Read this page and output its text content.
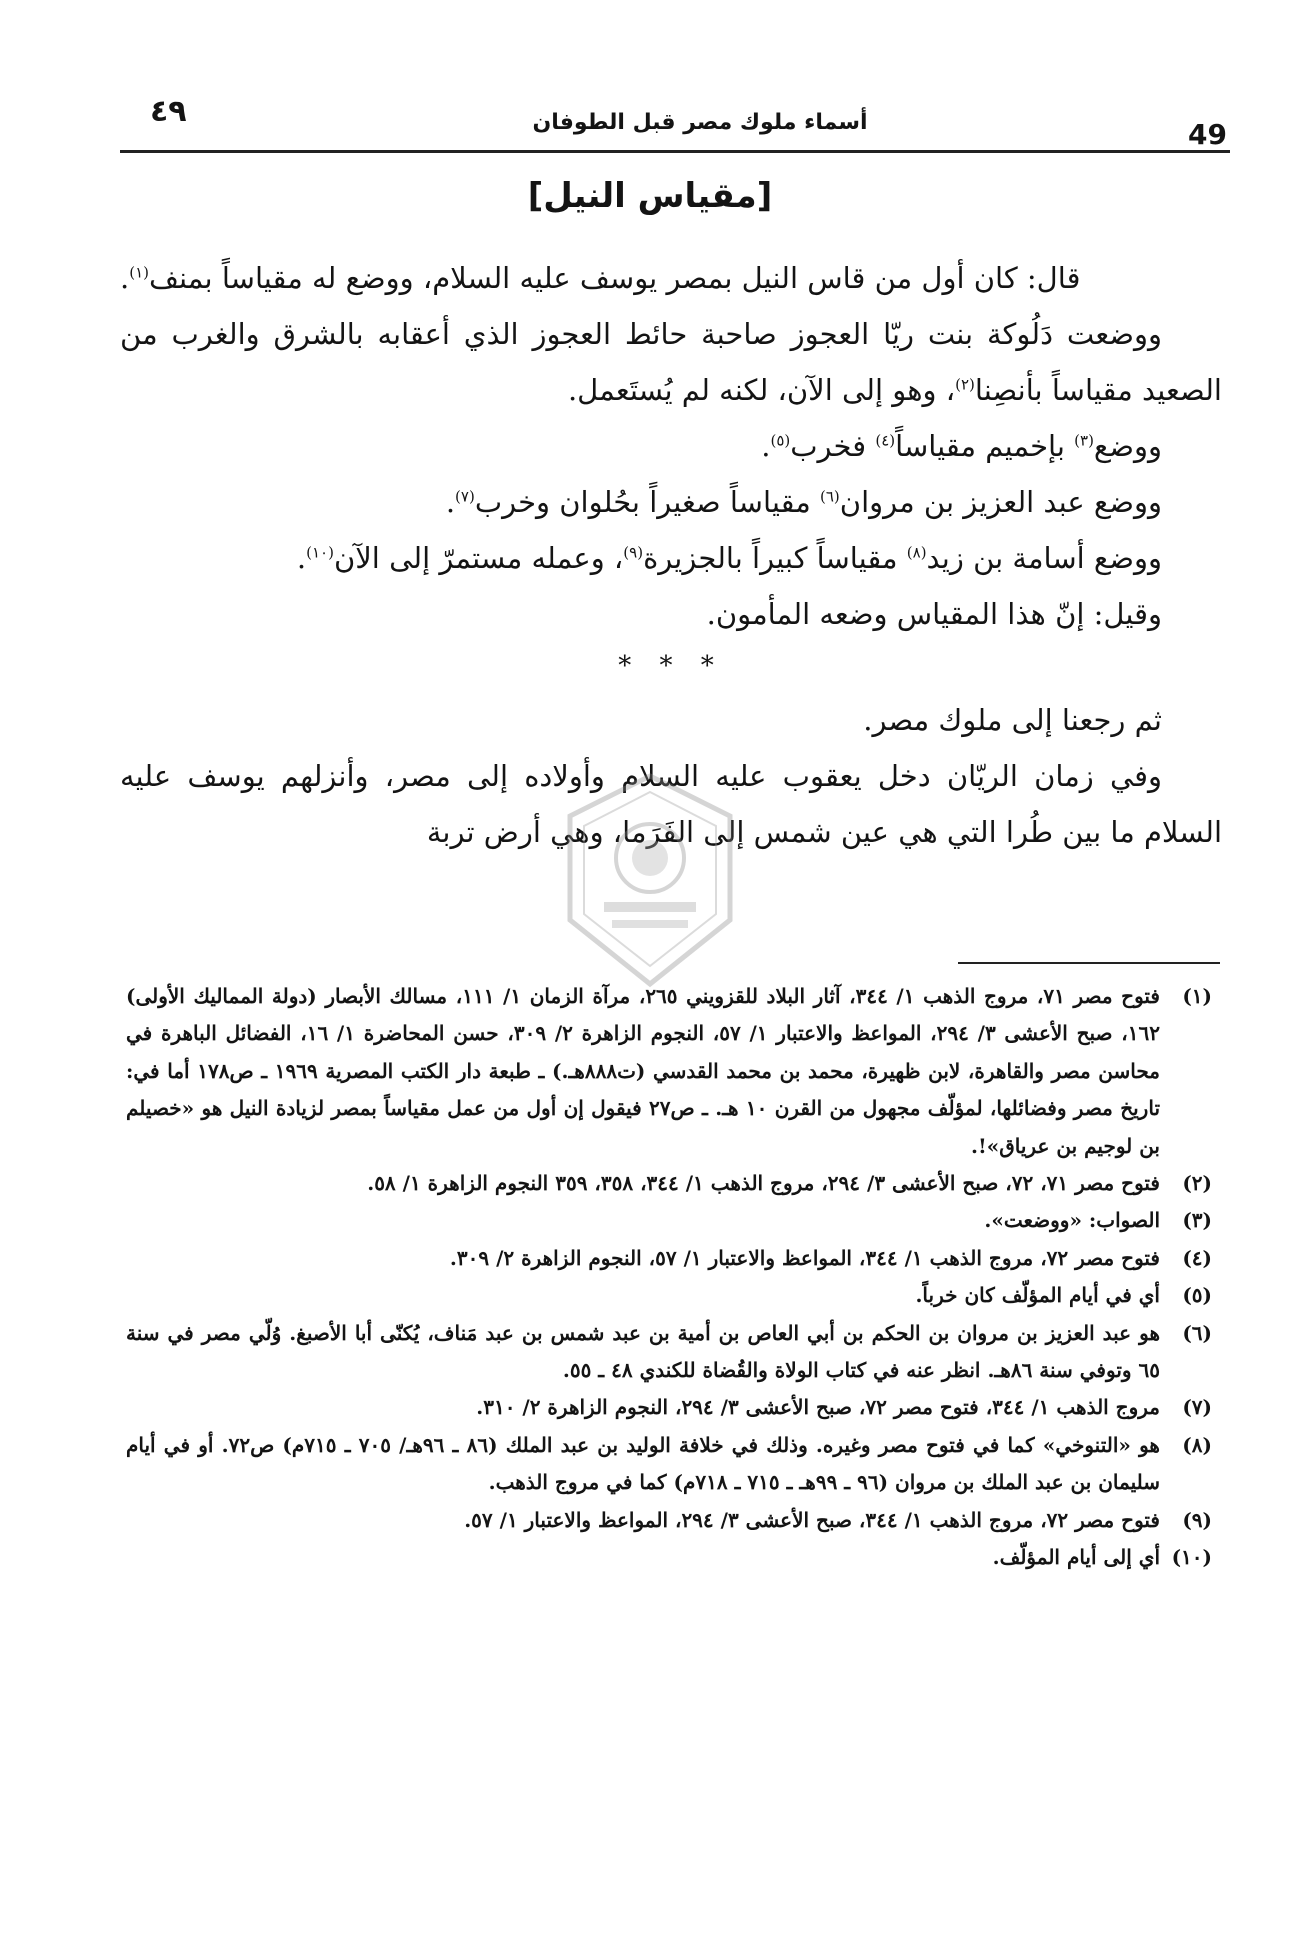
49
أسماء ملوك مصر قبل الطوفان
٤٩
[مقياس النيل]

قال: كان أول من قاس النيل بمصر يوسف عليه السلام، ووضع له مقياساً بمنف$^{(١)}$.

ووضعت دَلُوكة بنت ريّا العجوز صاحبة حائط العجوز الذي أعقابه بالشرق والغرب من الصعيد مقياساً بأنصِنا$^{(٢)}$، وهو إلى الآن، لكنه لم يُستَعمل.

ووضع$^{(٣)}$ بإخميم مقياساً$^{(٤)}$ فخرب$^{(٥)}$.

ووضع عبد العزيز بن مروان$^{(٦)}$ مقياساً صغيراً بحُلوان وخرب$^{(٧)}$.

ووضع أسامة بن زيد$^{(٨)}$ مقياساً كبيراً بالجزيرة$^{(٩)}$، وعمله مستمرّ إلى الآن$^{(١٠)}$.

وقيل: إنّ هذا المقياس وضعه المأمون.

* * *

ثم رجعنا إلى ملوك مصر.

وفي زمان الريّان دخل يعقوب عليه السلام وأولاده إلى مصر، وأنزلهم يوسف عليه السلام ما بين طُرا التي هي عين شمس إلى الفَرَما، وهي أرض تربة

(١)فتوح مصر ٧١، مروج الذهب ١/ ٣٤٤، آثار البلاد للقزويني ٢٦٥، مرآة الزمان ١/ ١١١، مسالك الأبصار (دولة المماليك الأولى) ١٦٢، صبح الأعشى ٣/ ٢٩٤، المواعظ والاعتبار ١/ ٥٧، النجوم الزاهرة ٢/ ٣٠٩، حسن المحاضرة ١/ ١٦، الفضائل الباهرة في محاسن مصر والقاهرة، لابن ظهيرة، محمد بن محمد القدسي (ت٨٨٨هـ.) ـ طبعة دار الكتب المصرية ١٩٦٩ ـ ص١٧٨ أما في: تاريخ مصر وفضائلها، لمؤلّف مجهول من القرن ١٠ هـ. ـ ص٢٧ فيقول إن أول من عمل مقياساً بمصر لزيادة النيل هو «خصيلم بن لوجيم بن عرياق»!.

(٢)فتوح مصر ٧١، ٧٢، صبح الأعشى ٣/ ٢٩٤، مروج الذهب ١/ ٣٤٤، ٣٥٨، ٣٥٩ النجوم الزاهرة ١/ ٥٨.

(٣)الصواب: «ووضعت».

(٤)فتوح مصر ٧٢، مروج الذهب ١/ ٣٤٤، المواعظ والاعتبار ١/ ٥٧، النجوم الزاهرة ٢/ ٣٠٩.

(٥)أي في أيام المؤلّف كان خرباً.

(٦)هو عبد العزيز بن مروان بن الحكم بن أبي العاص بن أمية بن عبد شمس بن عبد مَناف، يُكنّى أبا الأصبغ. وُلّي مصر في سنة ٦٥ وتوفي سنة ٨٦هـ. انظر عنه في كتاب الولاة والقُضاة للكندي ٤٨ ـ ٥٥.

(٧)مروج الذهب ١/ ٣٤٤، فتوح مصر ٧٢، صبح الأعشى ٣/ ٢٩٤، النجوم الزاهرة ٢/ ٣١٠.

(٨)هو «التنوخي» كما في فتوح مصر وغيره. وذلك في خلافة الوليد بن عبد الملك (٨٦ ـ ٩٦هـ/ ٧٠٥ ـ ٧١٥م) ص٧٢. أو في أيام سليمان بن عبد الملك بن مروان (٩٦ ـ ٩٩هـ ـ ٧١٥ ـ ٧١٨م) كما في مروج الذهب.

(٩)فتوح مصر ٧٢، مروج الذهب ١/ ٣٤٤، صبح الأعشى ٣/ ٢٩٤، المواعظ والاعتبار ١/ ٥٧.

(١٠)أي إلى أيام المؤلّف.
